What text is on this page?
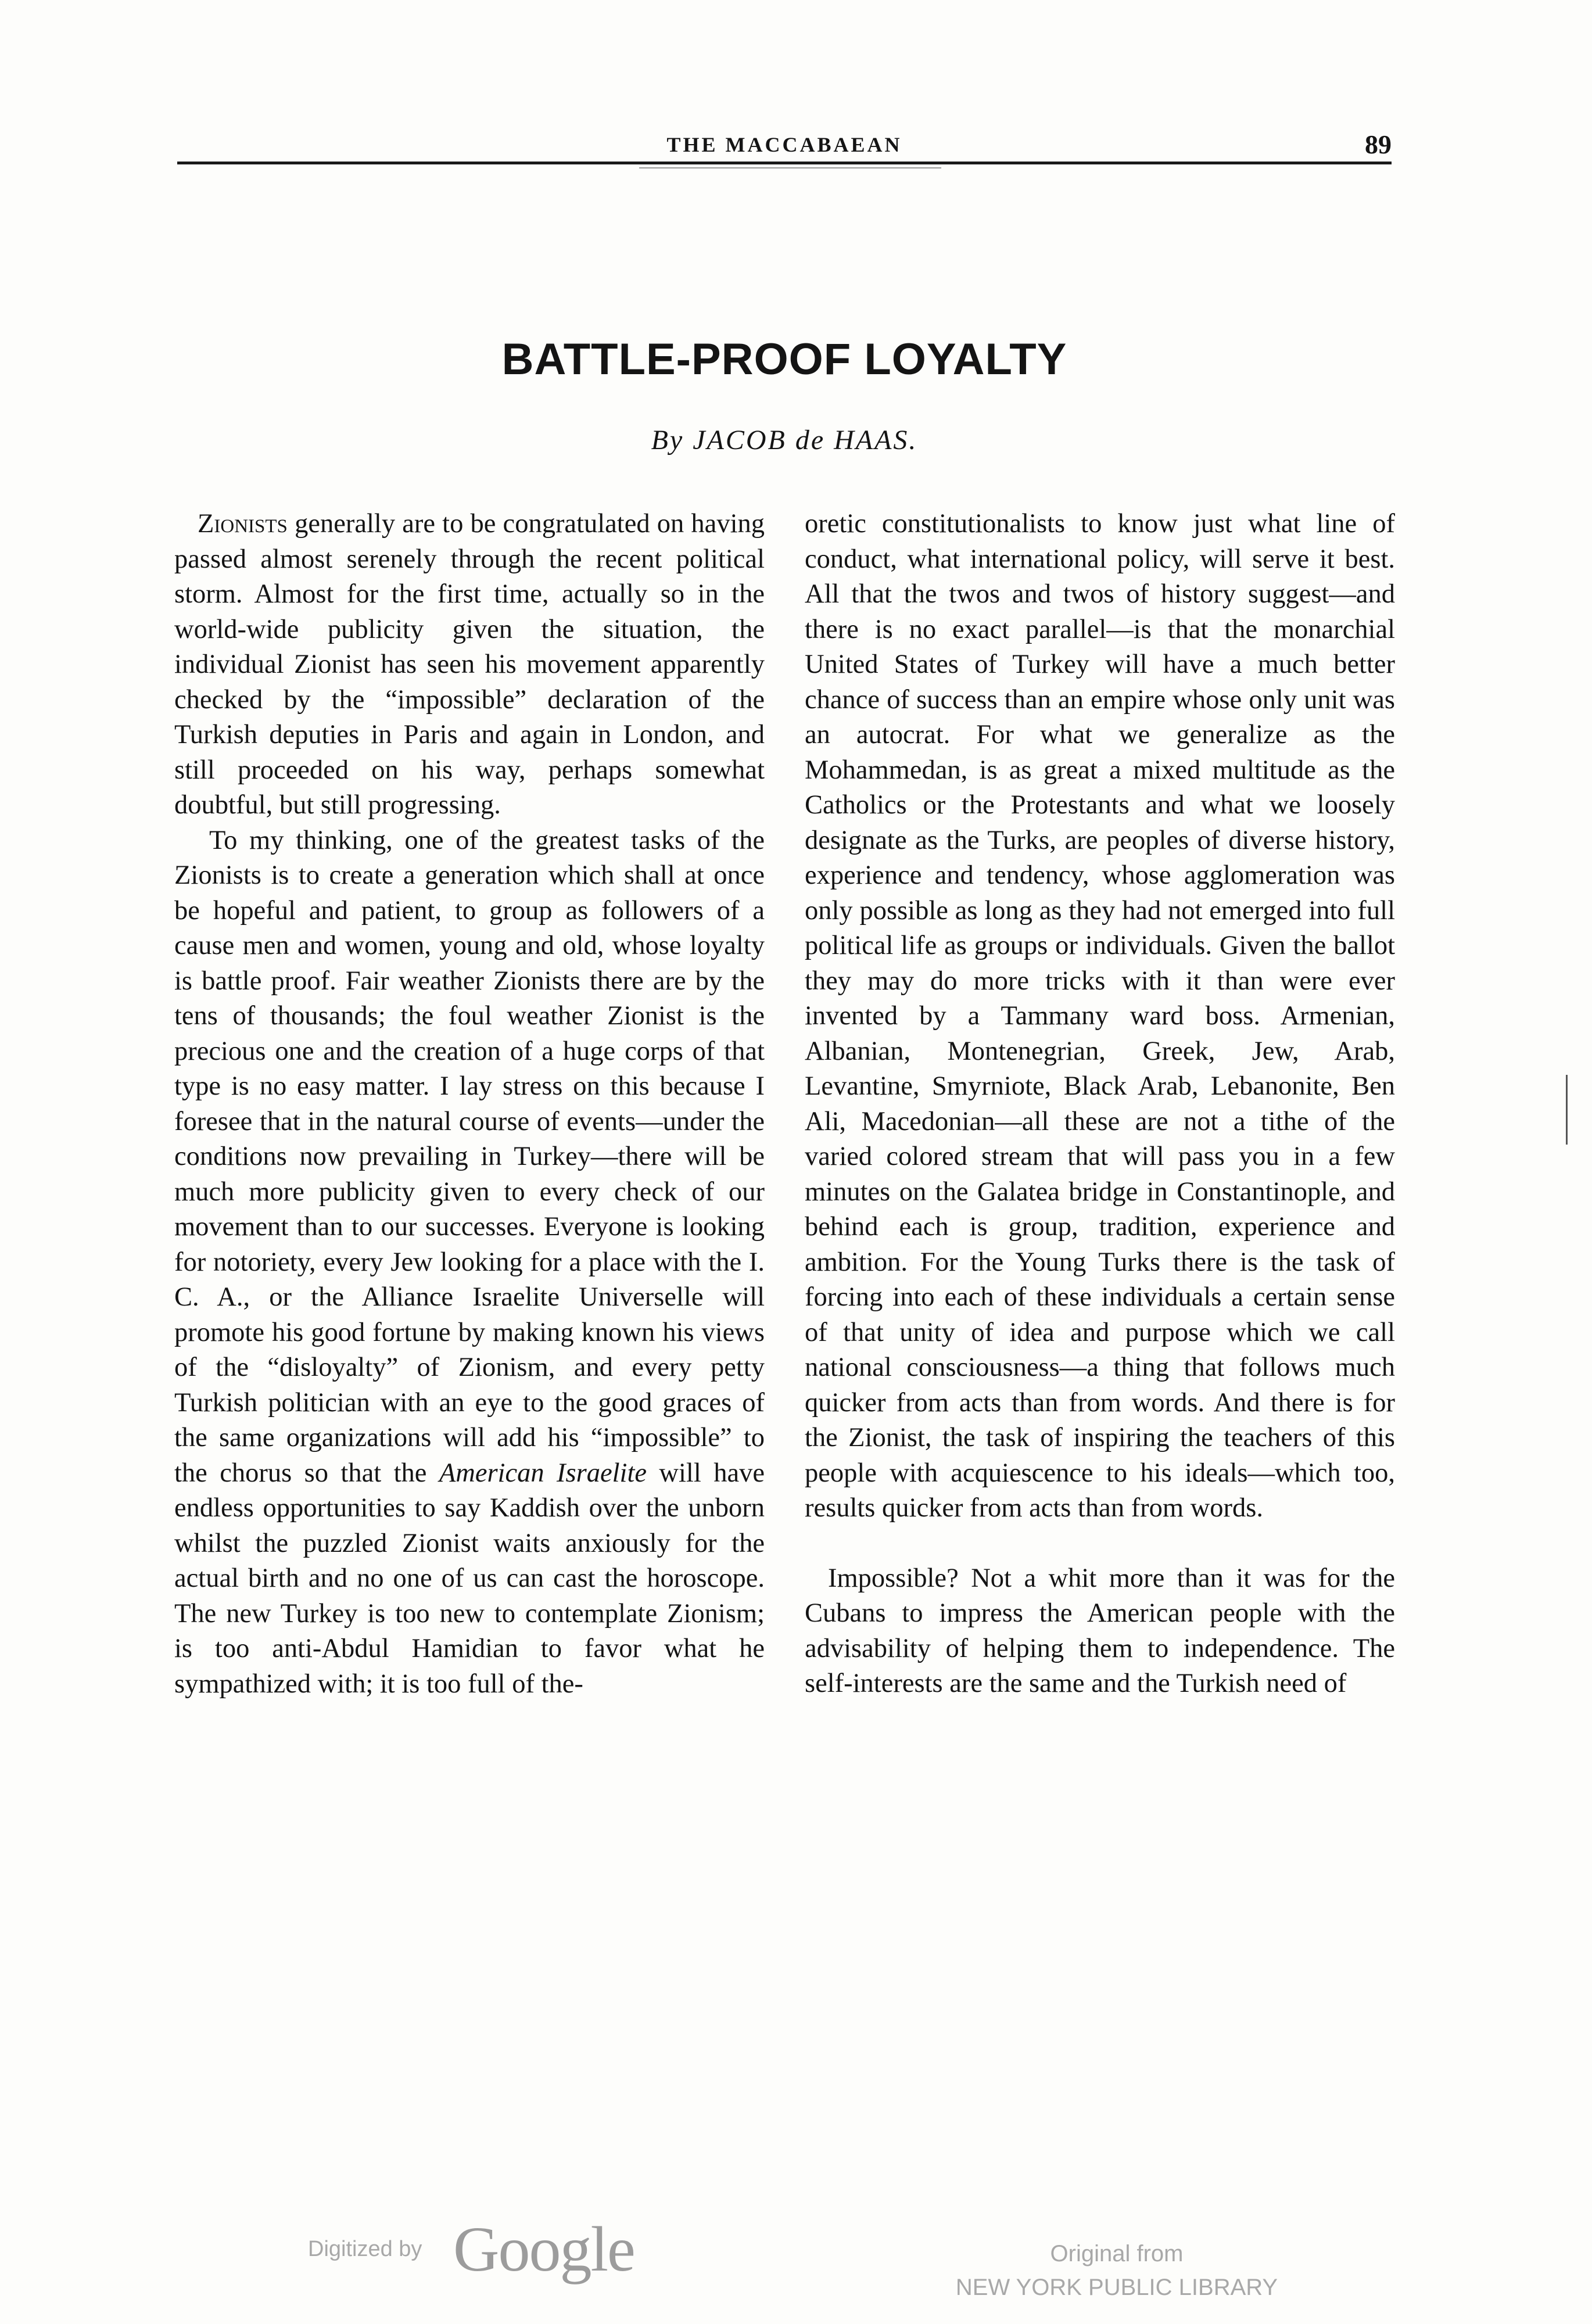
THE MACCABAEAN	89
BATTLE-PROOF LOYALTY
By JACOB de HAAS.

Zionists generally are to be congratulated on having passed almost serenely through the recent political storm. Almost for the first time, actually so in the world-wide publicity given the situation, the individual Zionist has seen his movement apparently checked by the “impossible” declaration of the Turkish deputies in Paris and again in London, and still proceeded on his way, perhaps somewhat doubtful, but still progressing.

To my thinking, one of the greatest tasks of the Zionists is to create a generation which shall at once be hopeful and patient, to group as followers of a cause men and women, young and old, whose loyalty is battle proof. Fair weather Zionists there are by the tens of thousands; the foul weather Zionist is the precious one and the creation of a huge corps of that type is no easy matter. I lay stress on this because I foresee that in the natural course of events—under the conditions now prevailing in Turkey—there will be much more publicity given to every check of our movement than to our successes. Everyone is looking for notoriety, every Jew looking for a place with the I. C. A., or the Alliance Israelite Universelle will promote his good fortune by making known his views of the “disloyalty” of Zionism, and every petty Turkish politician with an eye to the good graces of the same organizations will add his “impossible” to the chorus so that the American Israelite will have endless opportunities to say Kaddish over the unborn whilst the puzzled Zionist waits anxiously for the actual birth and no one of us can cast the horoscope. The new Turkey is too new to contemplate Zionism; is too anti-Abdul Hamidian to favor what he sympathized with; it is too full of the-

oretic constitutionalists to know just what line of conduct, what international policy, will serve it best. All that the twos and twos of history suggest—and there is no exact parallel—is that the monarchial United States of Turkey will have a much better chance of success than an empire whose only unit was an autocrat. For what we generalize as the Mohammedan, is as great a mixed multitude as the Catholics or the Protestants and what we loosely designate as the Turks, are peoples of diverse history, experience and tendency, whose agglomeration was only possible as long as they had not emerged into full political life as groups or individuals. Given the ballot they may do more tricks with it than were ever invented by a Tammany ward boss. Armenian, Albanian, Montenegrian, Greek, Jew, Arab, Levantine, Smyrniote, Black Arab, Lebanonite, Ben Ali, Macedonian—all these are not a tithe of the varied colored stream that will pass you in a few minutes on the Galatea bridge in Constantinople, and behind each is group, tradition, experience and ambition. For the Young Turks there is the task of forcing into each of these individuals a certain sense of that unity of idea and purpose which we call national consciousness—a thing that follows much quicker from acts than from words. And there is for the Zionist, the task of inspiring the teachers of this people with acquiescence to his ideals—which too, results quicker from acts than from words.

Impossible? Not a whit more than it was for the Cubans to impress the American people with the advisability of helping them to independence. The self-interests are the same and the Turkish need of

Digitized by Google	Original from
NEW YORK PUBLIC LIBRARY
